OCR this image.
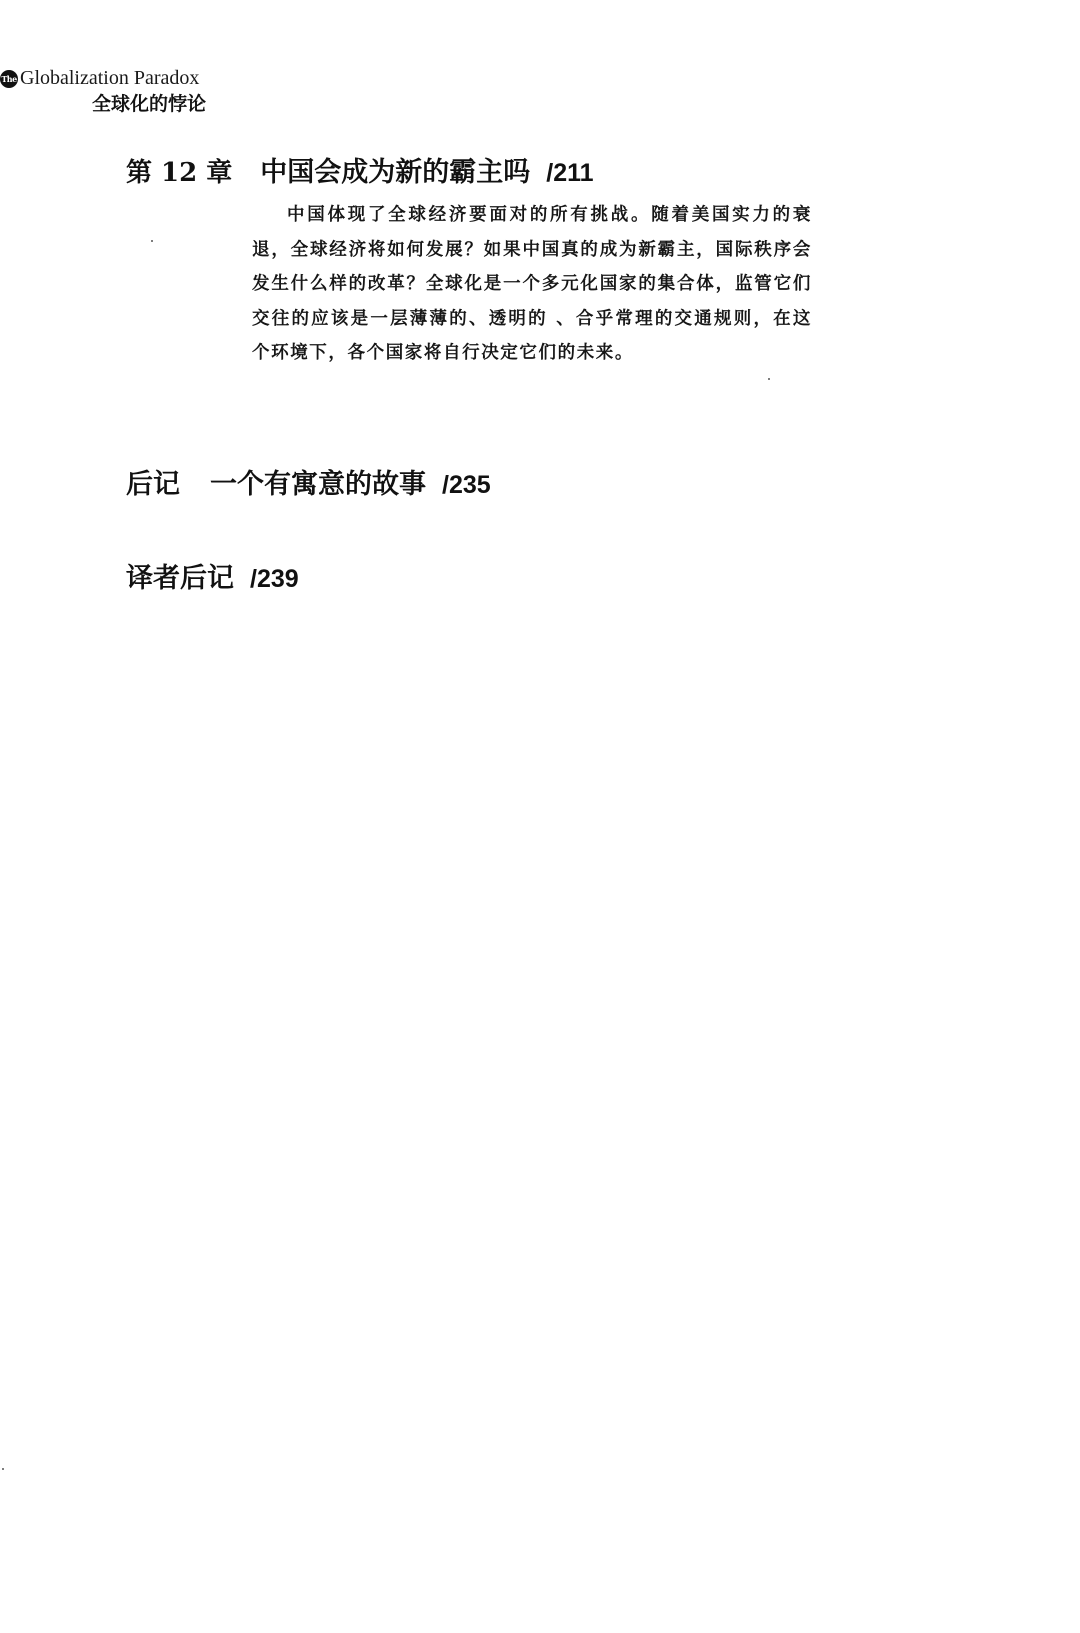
The Globalization Paradox
全球化的悖论
第 12 章 中国会成为新的霸主吗 /211

中国体现了全球经济要面对的所有挑战。随着美国实力的衰退，全球经济将如何发展？如果中国真的成为新霸主，国际秩序会发生什么样的改革？全球化是一个多元化国家的集合体，监管它们交往的应该是一层薄薄的、透明的 、合乎常理的交通规则，在这个环境下，各个国家将自行决定它们的未来。

后记 一个有寓意的故事 /235
译者后记 /239
